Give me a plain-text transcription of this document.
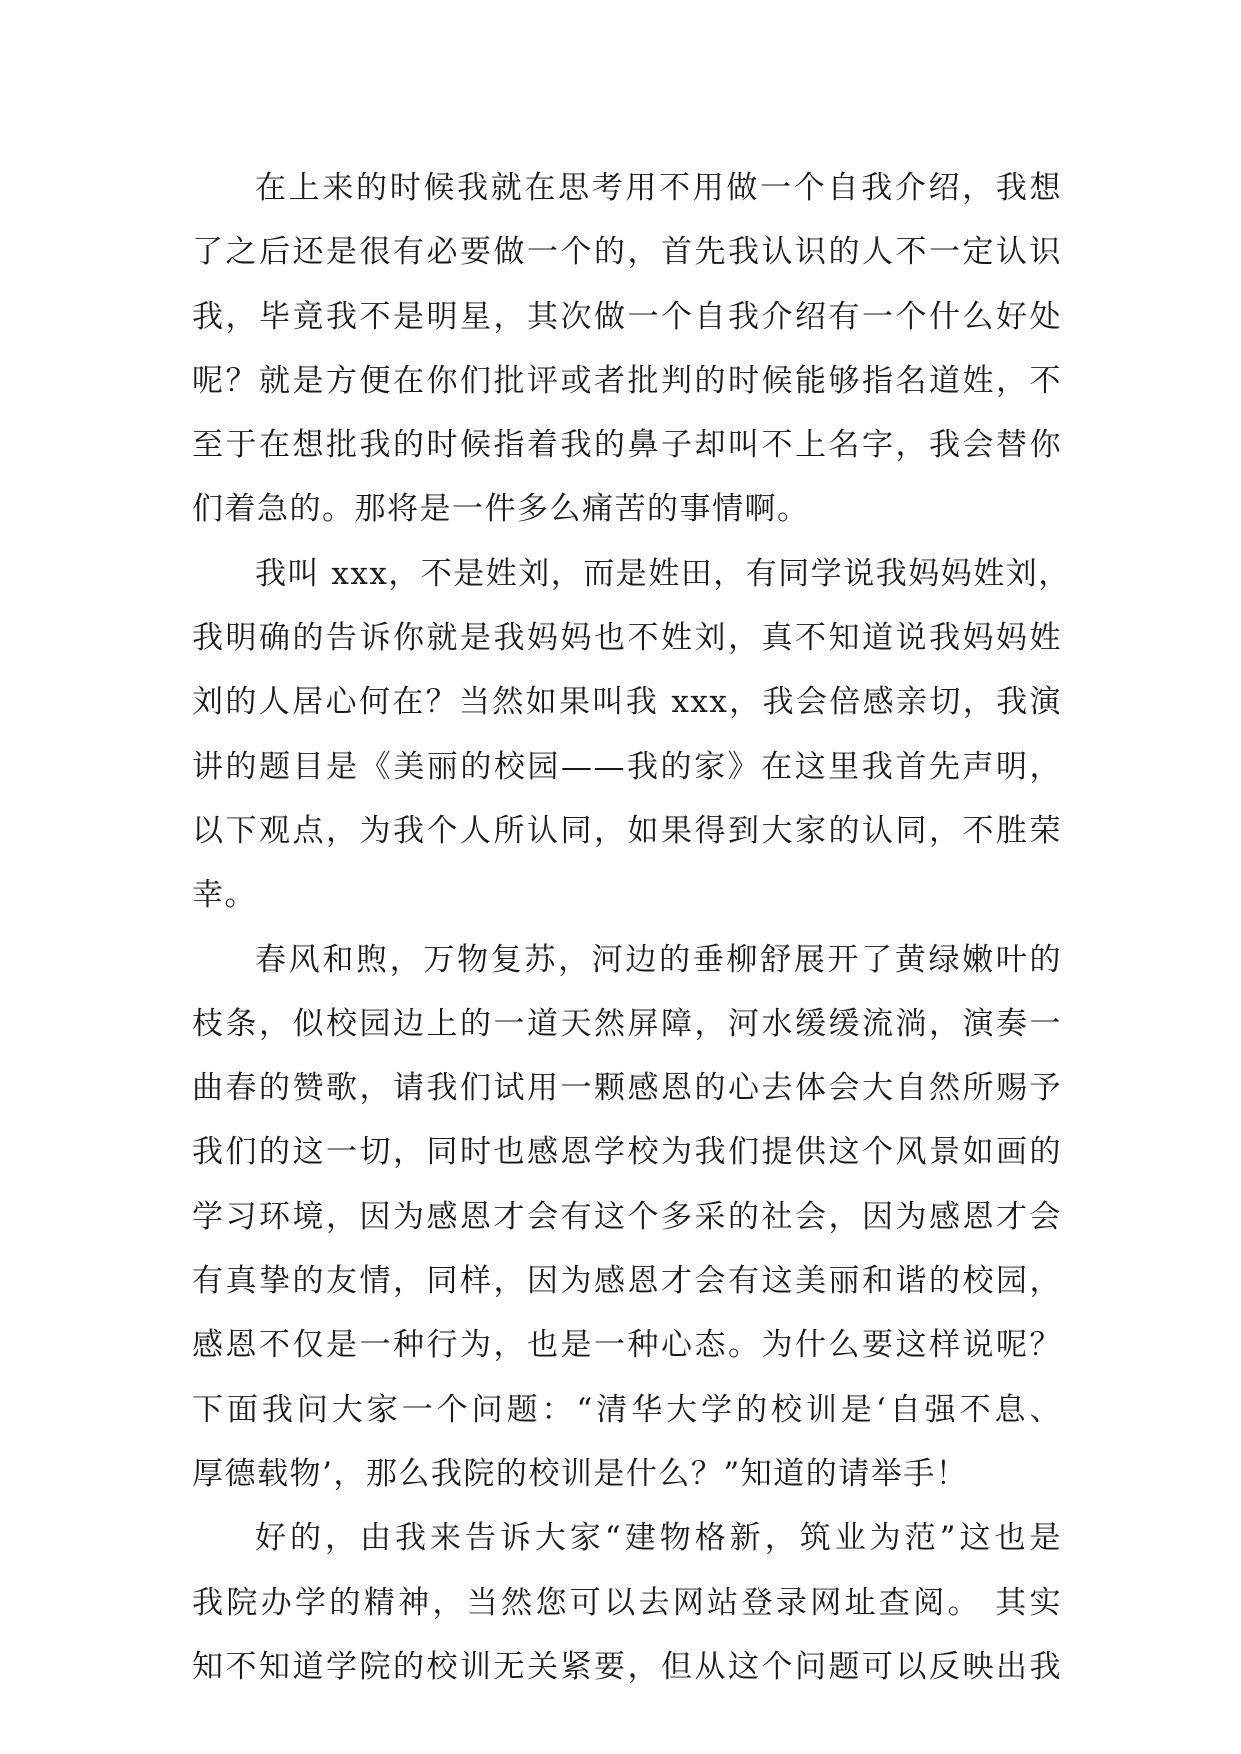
在上来的时候我就在思考用不用做一个自我介绍，我想
了之后还是很有必要做一个的，首先我认识的人不一定认识
我，毕竟我不是明星，其次做一个自我介绍有一个什么好处
呢？就是方便在你们批评或者批判的时候能够指名道姓，不
至于在想批我的时候指着我的鼻子却叫不上名字，我会替你
们着急的。那将是一件多么痛苦的事情啊。
我叫 xxx，不是姓刘，而是姓田，有同学说我妈妈姓刘，
我明确的告诉你就是我妈妈也不姓刘，真不知道说我妈妈姓
刘的人居心何在？当然如果叫我 xxx，我会倍感亲切，我演
讲的题目是《美丽的校园——我的家》在这里我首先声明，
以下观点，为我个人所认同，如果得到大家的认同，不胜荣
幸。
春风和煦，万物复苏，河边的垂柳舒展开了黄绿嫩叶的
枝条，似校园边上的一道天然屏障，河水缓缓流淌，演奏一
曲春的赞歌，请我们试用一颗感恩的心去体会大自然所赐予
我们的这一切，同时也感恩学校为我们提供这个风景如画的
学习环境，因为感恩才会有这个多采的社会，因为感恩才会
有真挚的友情，同样，因为感恩才会有这美丽和谐的校园，
感恩不仅是一种行为，也是一种心态。为什么要这样说呢？
下面我问大家一个问题：“清华大学的校训是‘自强不息、
厚德载物’，那么我院的校训是什么？”知道的请举手！
好的，由我来告诉大家“建物格新，筑业为范”这也是
我院办学的精神，当然您可以去网站登录网址查阅。 其实
知不知道学院的校训无关紧要，但从这个问题可以反映出我
